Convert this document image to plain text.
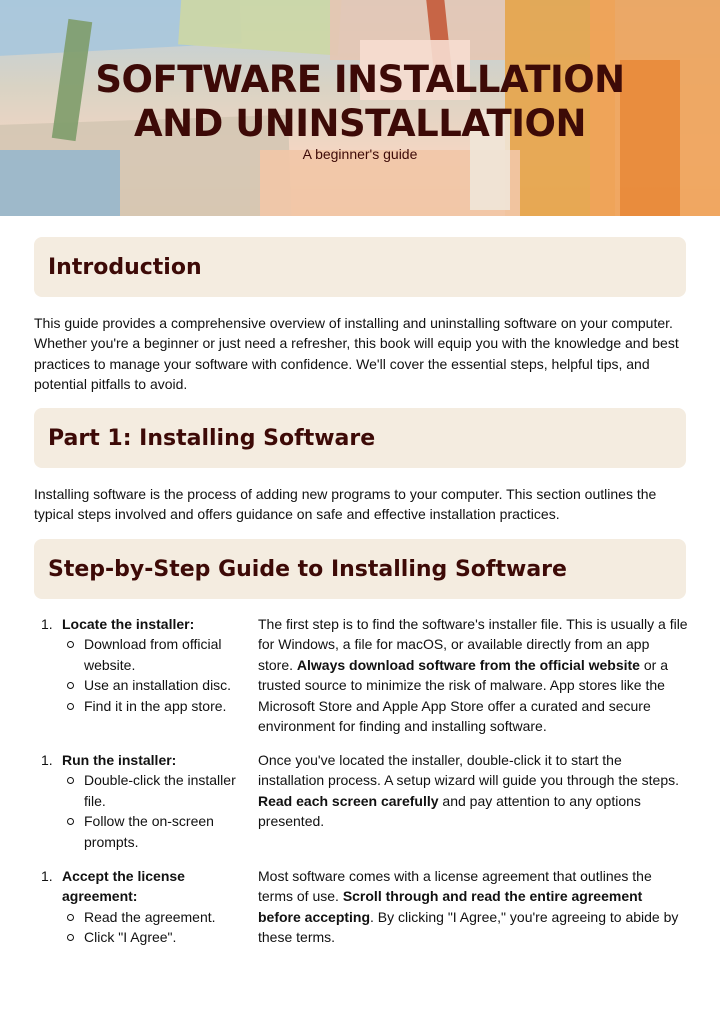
SOFTWARE INSTALLATION
AND UNINSTALLATION

A beginner's guide

Introduction

This guide provides a comprehensive overview of installing and uninstalling software on your computer. Whether you're a beginner or just need a refresher, this book will equip you with the knowledge and best practices to manage your software with confidence. We'll cover the essential steps, helpful tips, and potential pitfalls to avoid.

Part 1: Installing Software

Installing software is the process of adding new programs to your computer. This section outlines the typical steps involved and offers guidance on safe and effective installation practices.

Step-by-Step Guide to Installing Software
1. Locate the installer:
Download from official website.
Use an installation disc.
Find it in the app store.

The first step is to find the software's installer file. This is usually a file for Windows, a file for macOS, or available directly from an app store. Always download software from the official website or a trusted source to minimize the risk of malware. App stores like the Microsoft Store and Apple App Store offer a curated and secure environment for finding and installing software.

1. Run the installer:
Double-click the installer file.
Follow the on-screen prompts.

Once you've located the installer, double-click it to start the installation process. A setup wizard will guide you through the steps. Read each screen carefully and pay attention to any options presented.

1. Accept the license agreement:
Read the agreement.
Click "I Agree".

Most software comes with a license agreement that outlines the terms of use. Scroll through and read the entire agreement before accepting. By clicking "I Agree," you're agreeing to abide by these terms.
